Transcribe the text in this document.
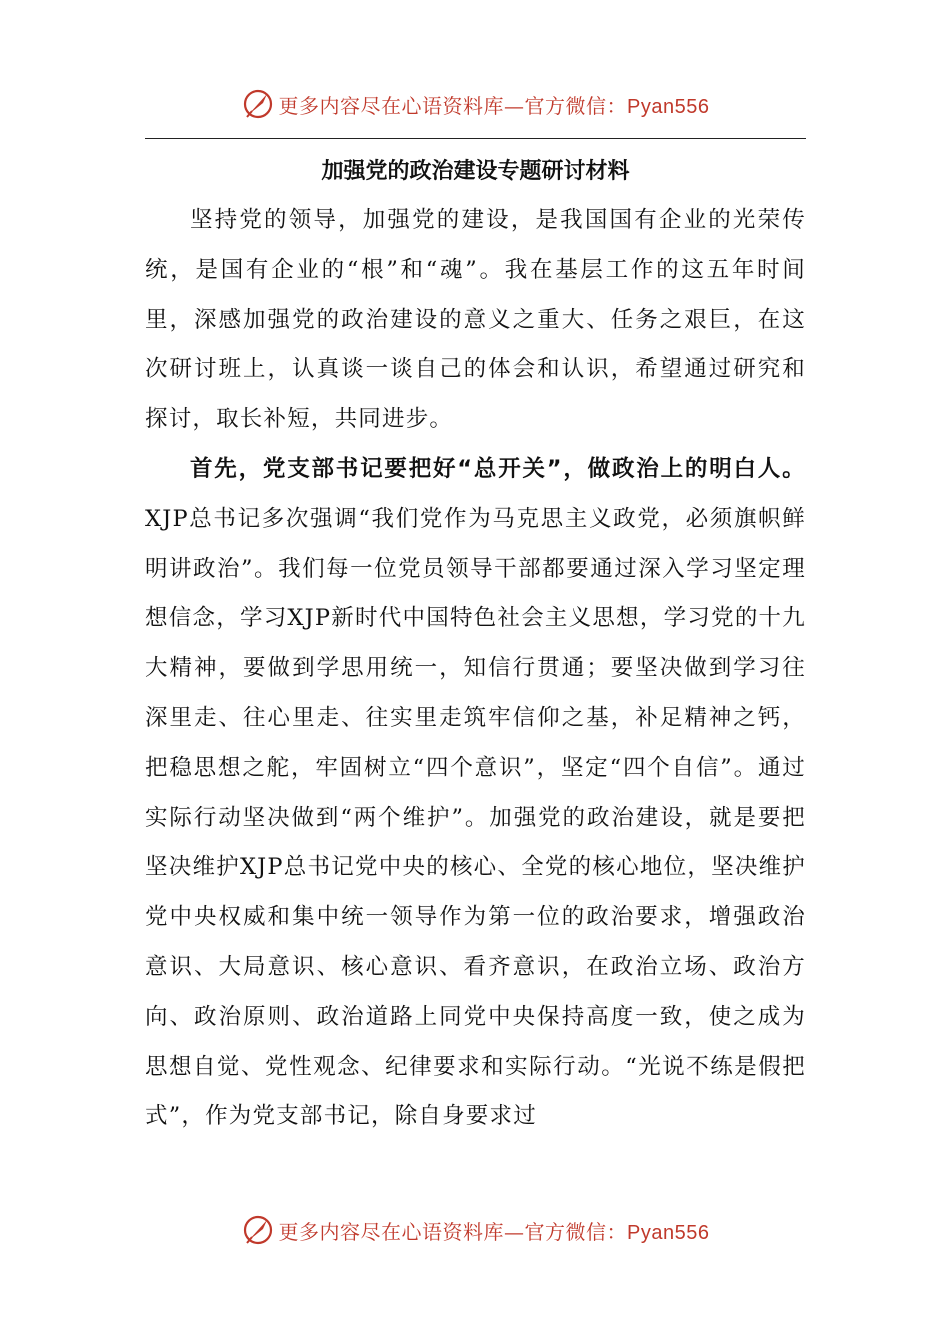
更多内容尽在心语资料库—官方微信：Pyan556
加强党的政治建设专题研讨材料

坚持党的领导，加强党的建设，是我国国有企业的光荣传统，是国有企业的“根”和“魂”。我在基层工作的这五年时间里，深感加强党的政治建设的意义之重大、任务之艰巨，在这次研讨班上，认真谈一谈自己的体会和认识，希望通过研究和探讨，取长补短，共同进步。

首先，党支部书记要把好“总开关”，做政治上的明白人。XJP总书记多次强调“我们党作为马克思主义政党，必须旗帜鲜明讲政治”。我们每一位党员领导干部都要通过深入学习坚定理想信念，学习XJP新时代中国特色社会主义思想，学习党的十九大精神，要做到学思用统一，知信行贯通；要坚决做到学习往深里走、往心里走、往实里走筑牢信仰之基，补足精神之钙，把稳思想之舵，牢固树立“四个意识”，坚定“四个自信”。通过实际行动坚决做到“两个维护”。加强党的政治建设，就是要把坚决维护XJP总书记党中央的核心、全党的核心地位，坚决维护党中央权威和集中统一领导作为第一位的政治要求，增强政治意识、大局意识、核心意识、看齐意识，在政治立场、政治方向、政治原则、政治道路上同党中央保持高度一致，使之成为思想自觉、党性观念、纪律要求和实际行动。“光说不练是假把式”，作为党支部书记，除自身要求过

更多内容尽在心语资料库—官方微信：Pyan556
